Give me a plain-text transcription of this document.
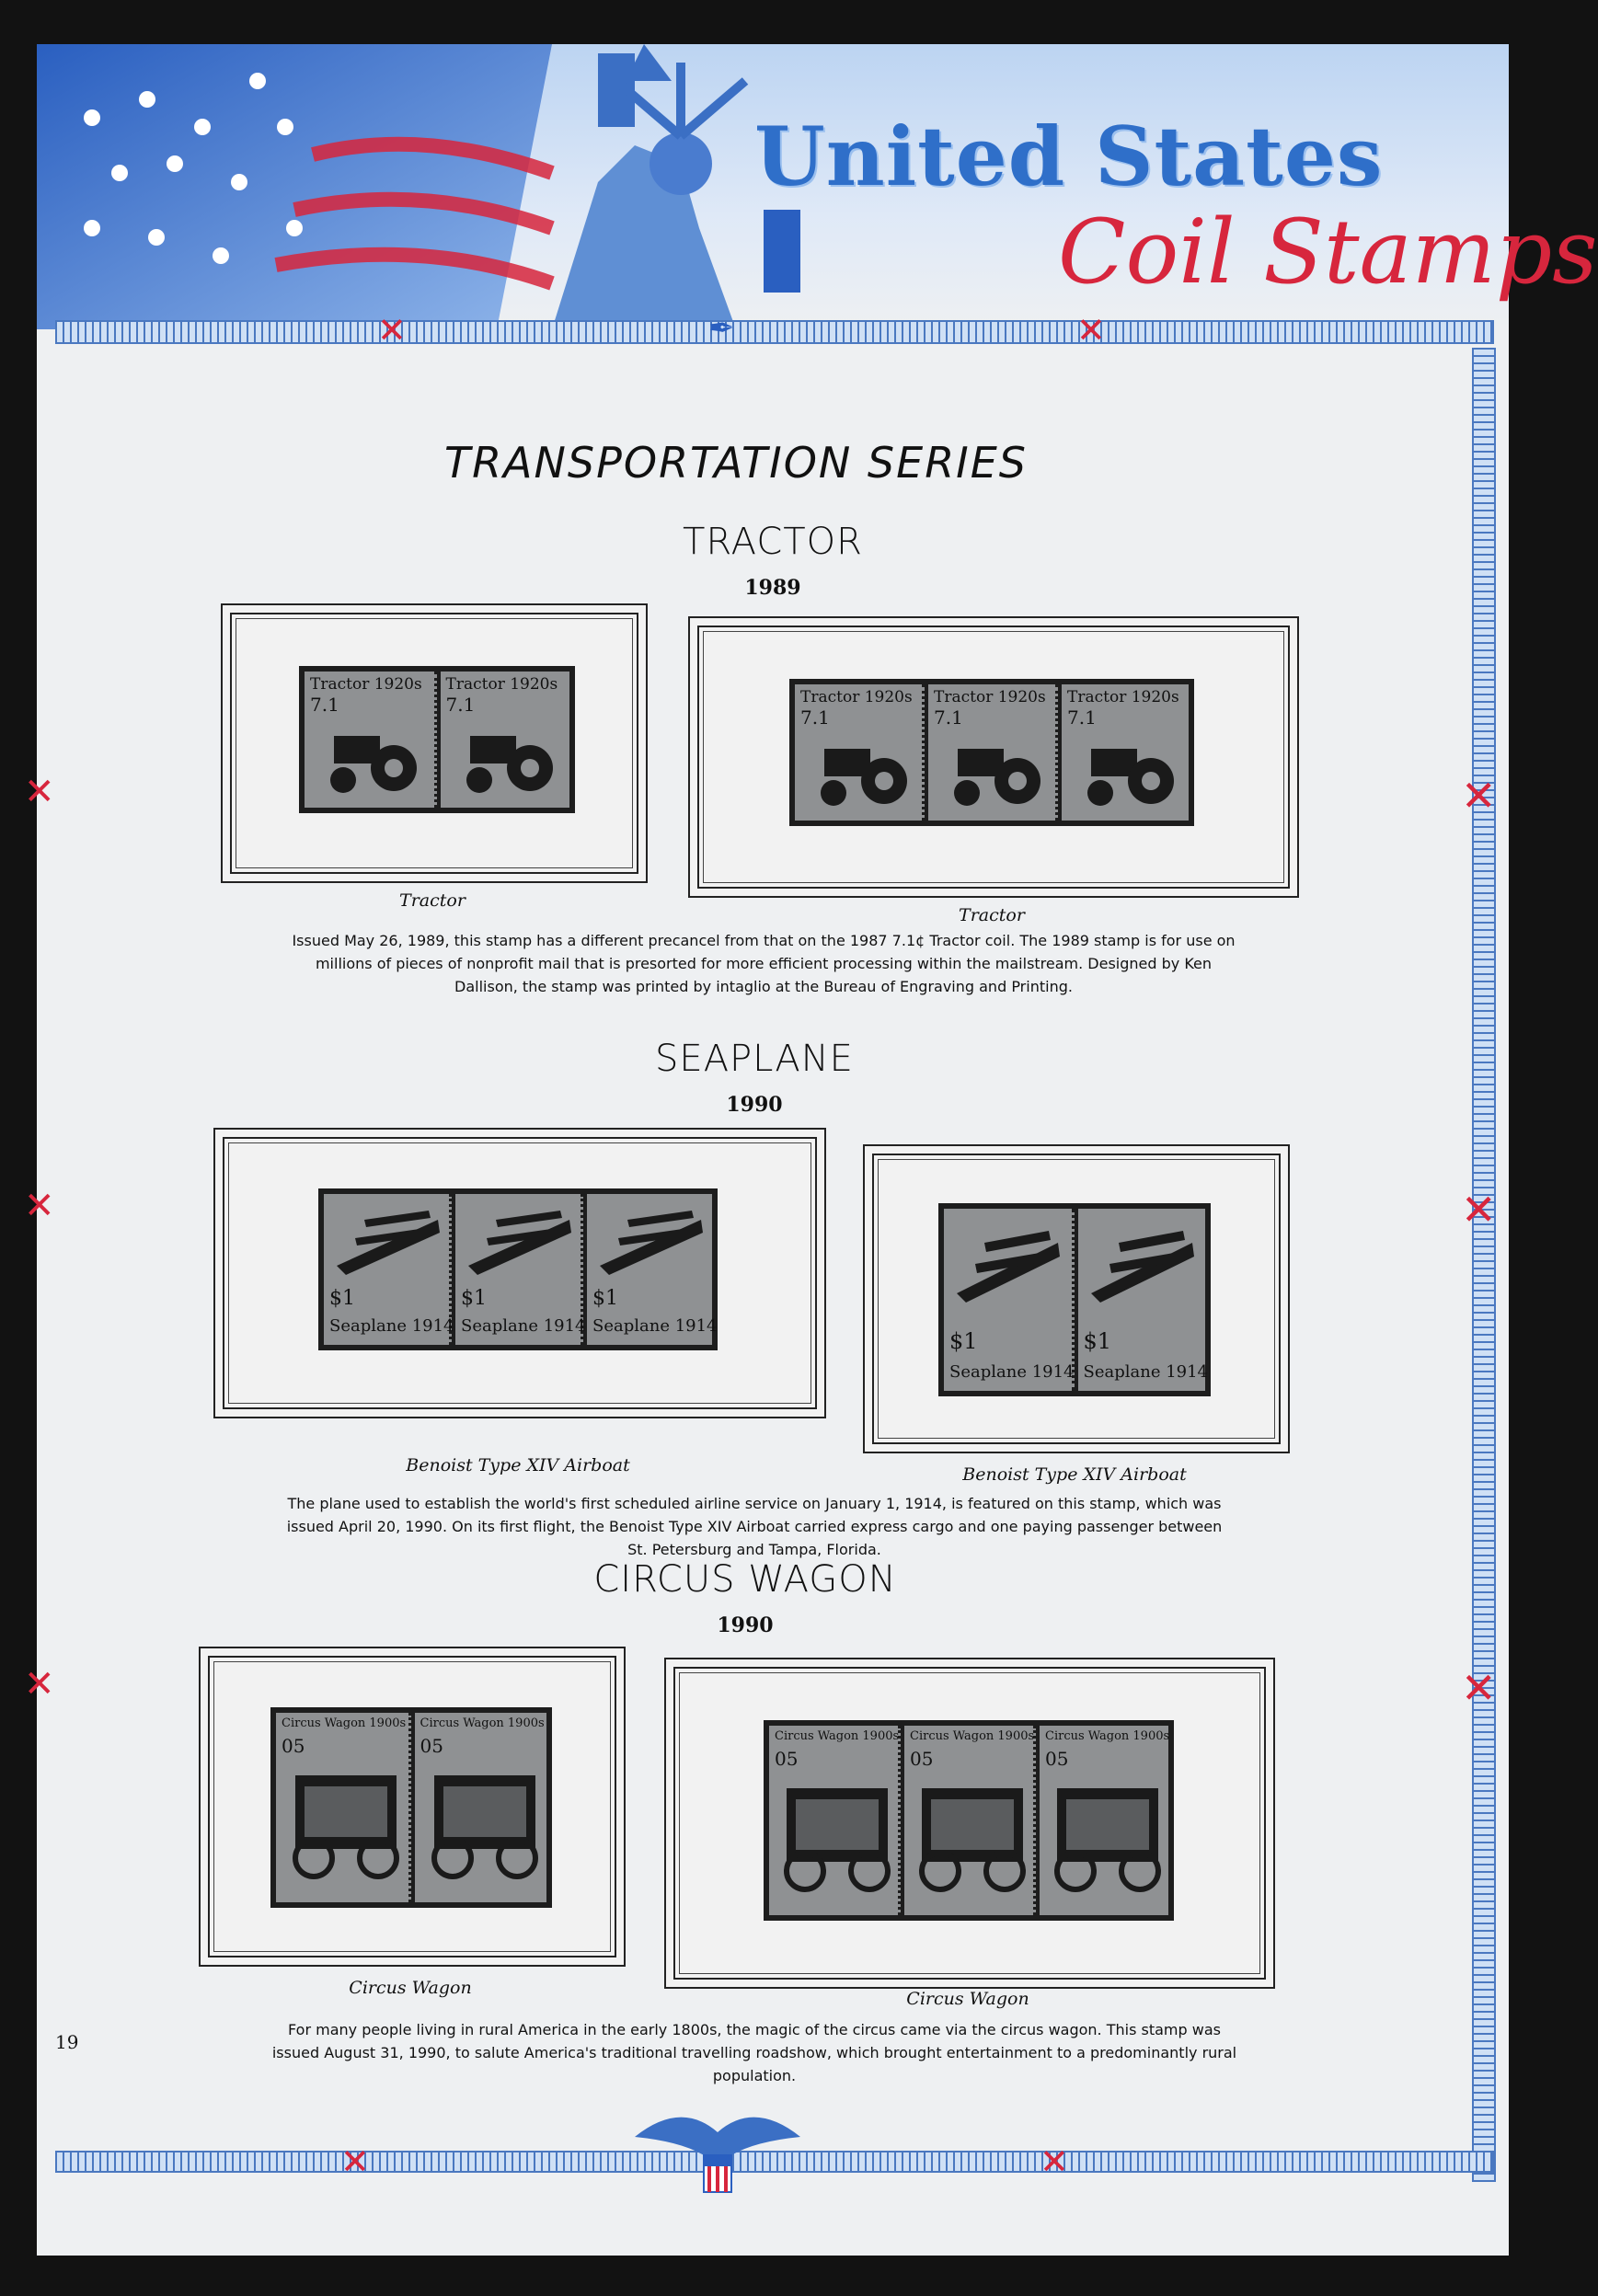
United States
Coil Stamps
✕	✕
✒
✕
✕
✕
✕
✕
✕
✕	✕
TRANSPORTATION SERIES
TRACTOR
1989
Tractor 1920s
7.1
Tractor 1920s
7.1
Tractor
Tractor 1920s
7.1
Tractor 1920s
7.1
Tractor 1920s
7.1
Tractor
Issued May 26, 1989, this stamp has a different precancel from that on the 1987 7.1¢ Tractor coil. The 1989 stamp is for use on millions of pieces of nonprofit mail that is presorted for more efficient processing within the mailstream. Designed by Ken Dallison, the stamp was printed by intaglio at the Bureau of Engraving and Printing.
SEAPLANE
1990
Seaplane 1914
$1
Seaplane 1914
$1
Seaplane 1914
$1
Benoist Type XIV Airboat
Seaplane 1914
$1
Seaplane 1914
$1
Benoist Type XIV Airboat
The plane used to establish the world's first scheduled airline service on January 1, 1914, is featured on this stamp, which was issued April 20, 1990. On its first flight, the Benoist Type XIV Airboat carried express cargo and one paying passenger between St. Petersburg and Tampa, Florida.
CIRCUS WAGON
1990
Circus Wagon 1900s
05
Circus Wagon 1900s
05
Circus Wagon
Circus Wagon 1900s
05
Circus Wagon 1900s
05
Circus Wagon 1900s
05
Circus Wagon
For many people living in rural America in the early 1800s, the magic of the circus came via the circus wagon. This stamp was issued August 31, 1990, to salute America's traditional travelling roadshow, which brought entertainment to a predominantly rural population.
19
